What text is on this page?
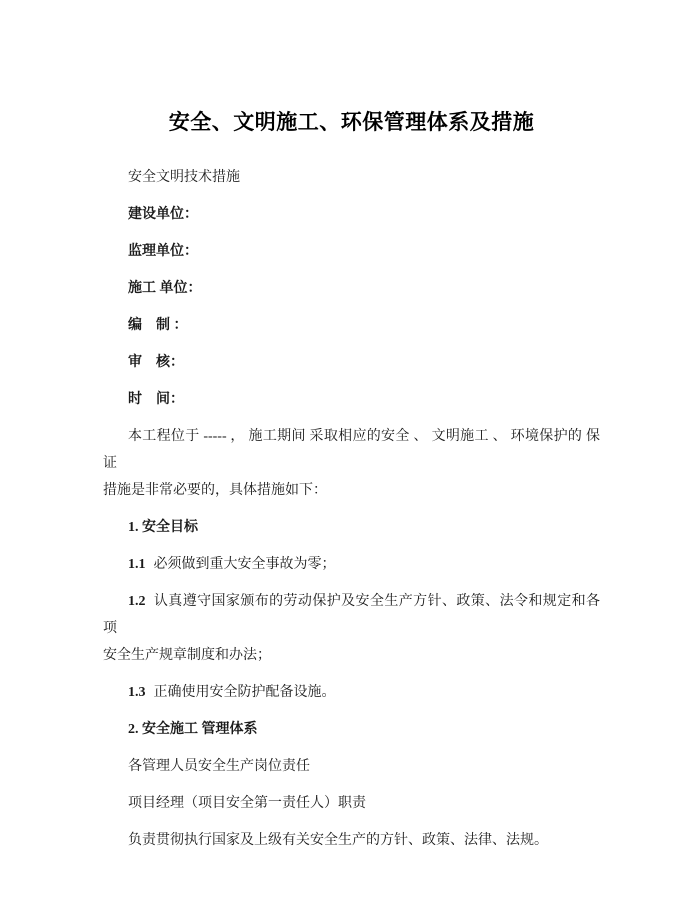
安全、文明施工、环保管理体系及措施

安全文明技术措施

建设单位：

监理单位：

施工 单位：

编　制 ：

审　核：

时　间：

本工程位于 ----- ， 施工期间 采取相应的安全 、 文明施工 、 环境保护的 保证

措施是非常必要的，具体措施如下：

1. 安全目标

1.1 必须做到重大安全事故为零；

1.2 认真遵守国家颁布的劳动保护及安全生产方针、政策、法令和规定和各项

安全生产规章制度和办法；

1.3 正确使用安全防护配备设施。

2. 安全施工 管理体系

各管理人员安全生产岗位责任

项目经理（项目安全第一责任人）职责

负责贯彻执行国家及上级有关安全生产的方针、政策、法律、法规。
